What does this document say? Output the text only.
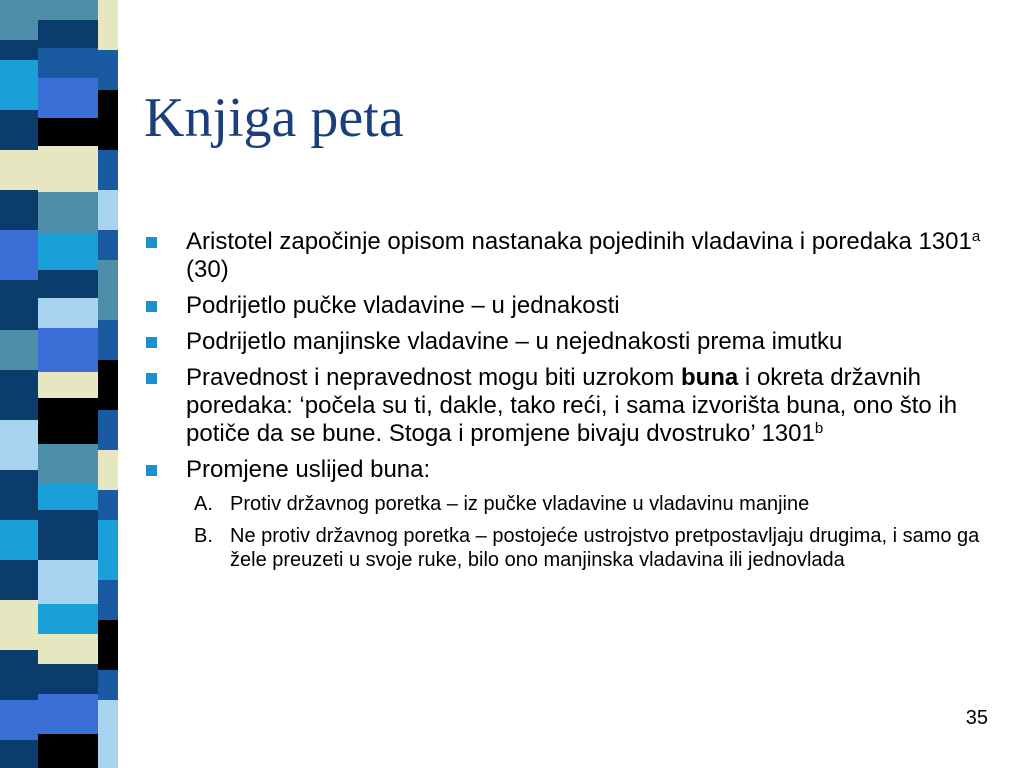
Knjiga peta
Aristotel započinje opisom nastanaka pojedinih vladavina i poredaka 1301$^a$ (30)
Podrijetlo pučke vladavine – u jednakosti
Podrijetlo manjinske vladavine – u nejednakosti prema imutku
Pravednost i nepravednost mogu biti uzrokom buna i okreta državnih poredaka: ‘počela su ti, dakle, tako reći, i sama izvorišta buna, ono što ih potiče da se bune. Stoga i promjene bivaju dvostruko’ 1301$^b$
Promjene uslijed buna:
A. Protiv državnog poretka – iz pučke vladavine u vladavinu manjine
B. Ne protiv državnog poretka – postojeće ustrojstvo pretpostavljaju drugima, i samo ga žele preuzeti u svoje ruke, bilo ono manjinska vladavina ili jednovlada
35
